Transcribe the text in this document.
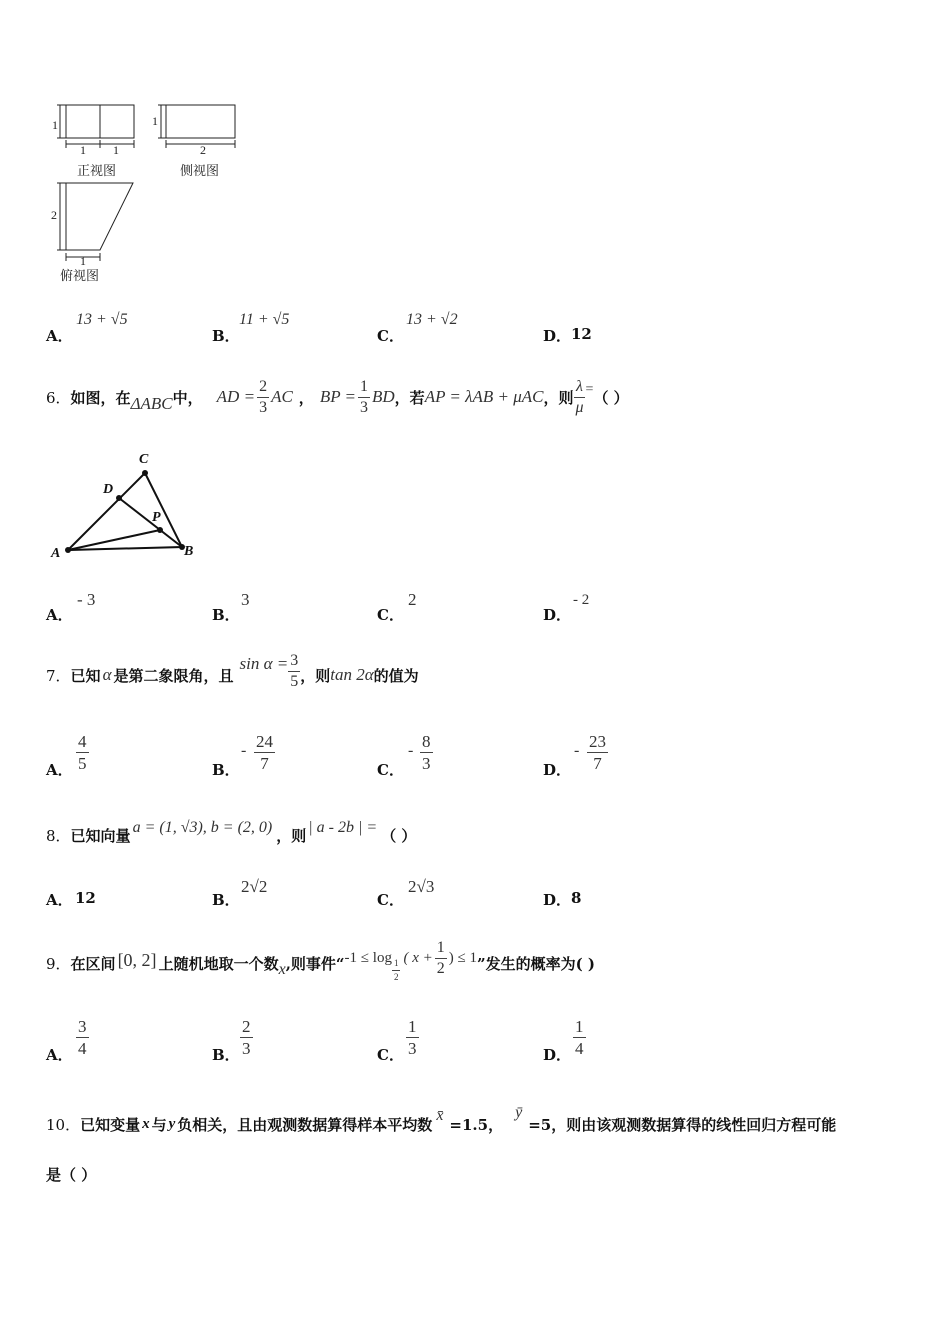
1
1 1
正视图
1
2
侧视图
2
1
俯视图
A．
13 + √5
B．
11 + √5
C．
13 + √2
D． 12
6． 如图，在 ΔABC 中， AD = $\frac{2}{3}$ AC ， BP = $\frac{1}{3}$ BD ，若 AP = λAB + μAC ，则 $\frac{\lambda}{\mu}$ = （ ）
C
D
P
A	B
A．
- 3
B．
3
C．
2
D．
- 2
7． 已知 α 是第二象限角，且
$\sin \alpha = \frac{3}{5}$ ，则 tan 2α 的值为
A． $\frac{4}{5}$	B．
- $\frac{24}{7}$	C．
- $\frac{8}{3}$	D．
- $\frac{23}{7}$
8． 已知向量 a = (1, √3), b = (2, 0) ，则 | a - 2b | = （ ）
A． 12	B．
2√2
C．
2√3
D． 8
9． 在区间 [0, 2] 上随机地取一个数 x ,则事件“ -1 ≤ log
$\frac{1}{2}$
( $x + \frac{1}{2}$ ) ≤ 1 ”发生的概率为( )
A． $\frac{3}{4}$	B． $\frac{2}{3}$	C． $\frac{1}{3}$	D． $\frac{1}{4}$
10． 已知变量 x 与 y 负相关，且由观测数据算得样本平均数 x̄ =1.5，
ȳ
=5，则由该观测数据算得的线性回归方程可能
是（ ）
